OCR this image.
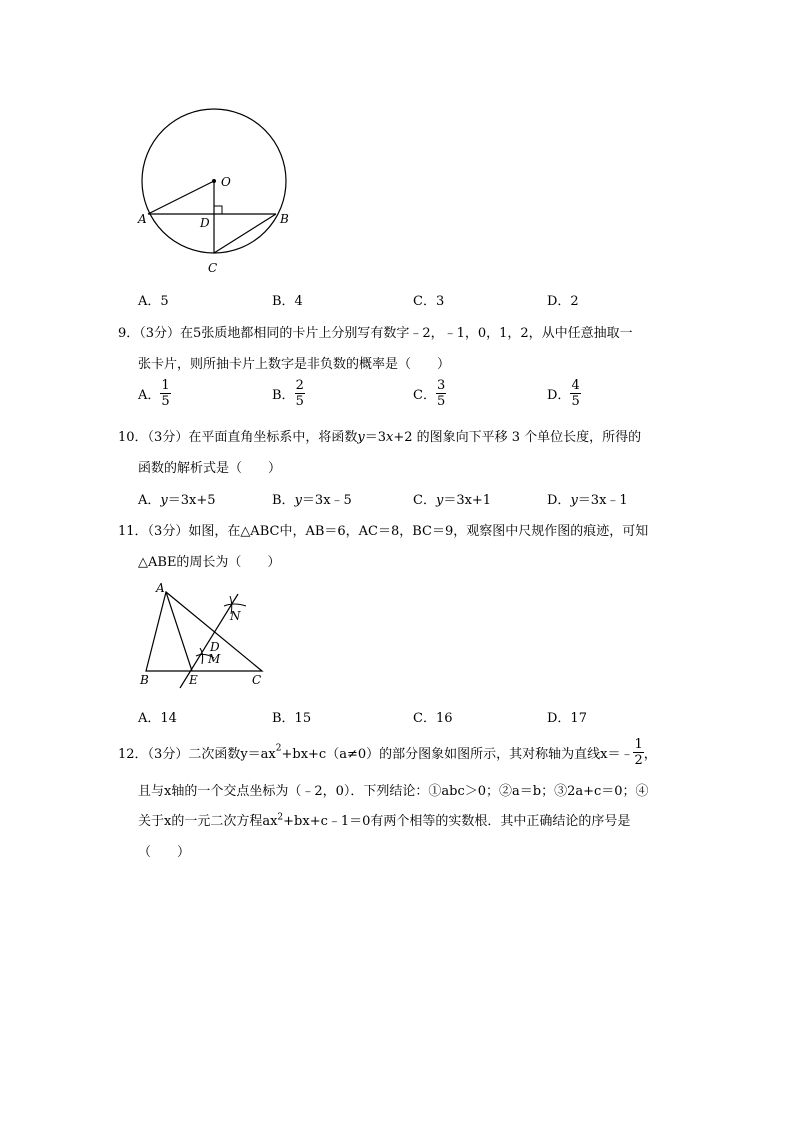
O
A	B
D
C
A．5	B．4	C．3	D．2
9．（3分）在5张质地都相同的卡片上分别写有数字﹣2，﹣1，0，1，2，从中任意抽取一
张卡片，则所抽卡片上数字是非负数的概率是（　　）
A． $\frac{1}{5}$	B． $\frac{2}{5}$	C． $\frac{3}{5}$	D． $\frac{4}{5}$
10．（3分）在平面直角坐标系中，将函数y＝3x+2 的图象向下平移 3 个单位长度，所得的
函数的解析式是（　　）
A．y＝3x+5	B．y＝3x﹣5	C．y＝3x+1	D．y＝3x﹣1
11．（3分）如图，在△ABC中，AB＝6，AC＝8，BC＝9，观察图中尺规作图的痕迹，可知
△ABE的周长为（　　）
A
B	E	C
D
M
N
A．14	B．15	C．16	D．17
12．（3分）二次函数$y=ax^2+bx+c(a\ne 0)$的部分图象如图所示，其对称轴为直线x＝﹣ $\frac{1}{2}$ ，
且与x轴的一个交点坐标为（﹣2，0）．下列结论：①abc＞0；②a＝b；③2a+c＝0；④
关于x的一元二次方程$ax^2+bx+c﹣1=0$有两个相等的实数根．其中正确结论的序号是
（　　）
